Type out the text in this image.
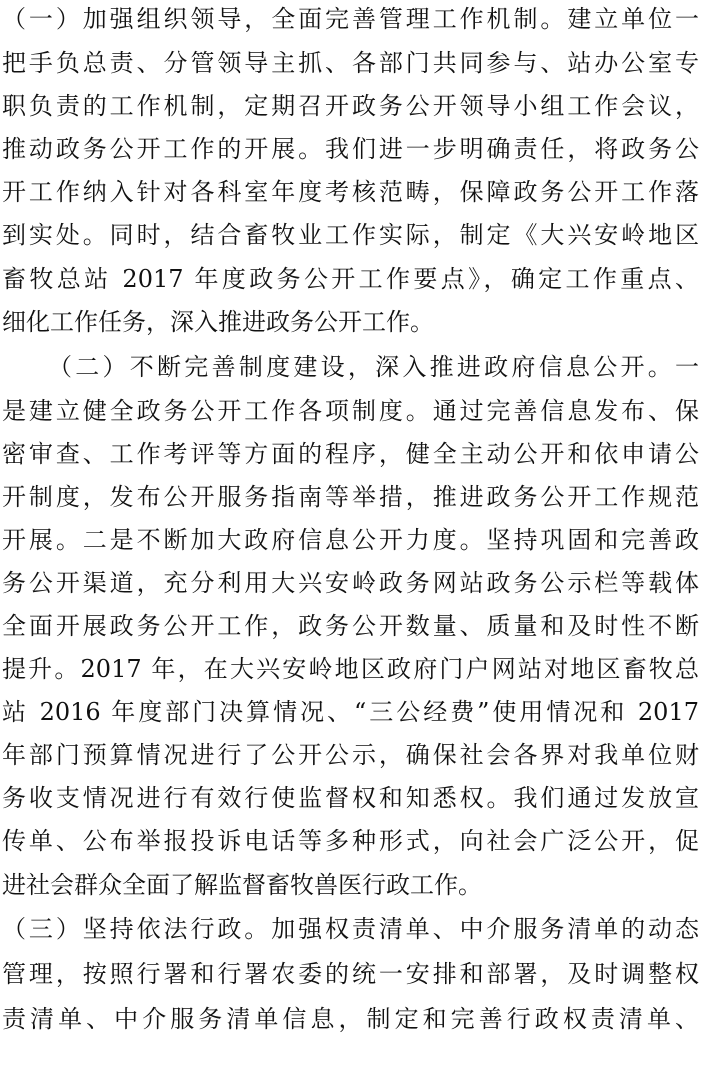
（一）加强组织领导，全面完善管理工作机制。建立单位一
把手负总责、分管领导主抓、各部门共同参与、站办公室专
职负责的工作机制，定期召开政务公开领导小组工作会议，
推动政务公开工作的开展。我们进一步明确责任，将政务公
开工作纳入针对各科室年度考核范畴，保障政务公开工作落
到实处。同时，结合畜牧业工作实际，制定《大兴安岭地区
畜牧总站 2017 年度政务公开工作要点》，确定工作重点、
细化工作任务，深入推进政务公开工作。
（二）不断完善制度建设，深入推进政府信息公开。一
是建立健全政务公开工作各项制度。通过完善信息发布、保
密审查、工作考评等方面的程序，健全主动公开和依申请公
开制度，发布公开服务指南等举措，推进政务公开工作规范
开展。二是不断加大政府信息公开力度。坚持巩固和完善政
务公开渠道，充分利用大兴安岭政务网站政务公示栏等载体
全面开展政务公开工作，政务公开数量、质量和及时性不断
提升。2017 年，在大兴安岭地区政府门户网站对地区畜牧总
站 2016 年度部门决算情况、“三公经费”使用情况和 2017
年部门预算情况进行了公开公示，确保社会各界对我单位财
务收支情况进行有效行使监督权和知悉权。我们通过发放宣
传单、公布举报投诉电话等多种形式，向社会广泛公开，促
进社会群众全面了解监督畜牧兽医行政工作。
（三）坚持依法行政。加强权责清单、中介服务清单的动态
管理，按照行署和行署农委的统一安排和部署，及时调整权
责清单、中介服务清单信息，制定和完善行政权责清单、
